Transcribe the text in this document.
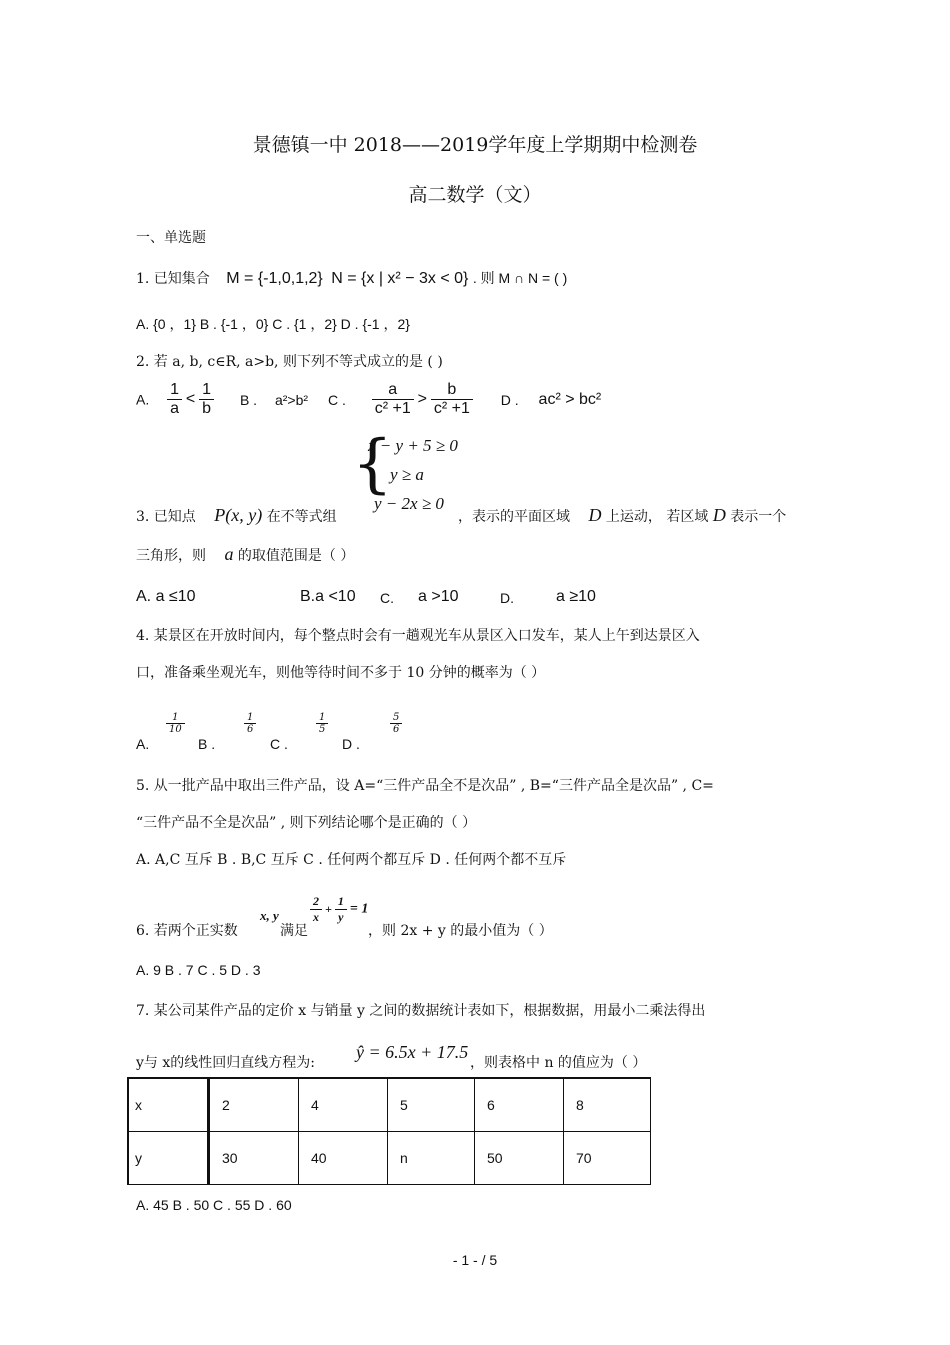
景德镇一中 2018——2019学年度上学期期中检测卷
高二数学（文）
一、单选题
1. 已知集合 M = {-1,0,1,2} N = {x | x² − 3x < 0} . 则 M ∩ N = ( )
A. {0 ，1} B . {-1 ，0} C . {1 ，2} D . {-1 ，2}
2. 若 a, b, c∈R, a>b, 则下列不等式成立的是 ( )
A. $\frac{1}{a} < \frac{1}{b}$ B . a²>b² C . $\frac{a}{\text{c² +1}} > \frac{b}{\text{c² +1}}$ D . ac² > bc²
{
x − y + 5 ≥ 0
y ≥ a
y − 2x ≥ 0
3. 已知点 P(x, y) 在不等式组	，表示的平面区域 D 上运动， 若区域 D 表示一个
三角形，则 a 的取值范围是（ ）
A. a ≤10	B.a <10 C. a >10	D.	a ≥10
4. 某景区在开放时间内，每个整点时会有一趟观光车从景区入口发车，某人上午到达景区入
口，准备乘坐观光车，则他等待时间不多于 10 分钟的概率为（ ）
A.
$\frac{1}{10}$
B .
$\frac{1}{6}$
C .
$\frac{1}{5}$
D .
$\frac{5}{6}$
5. 从一批产品中取出三件产品，设 A=“三件产品全不是次品” , B=“三件产品全是次品” , C=
“三件产品不全是次品” , 则下列结论哪个是正确的（ ）
A. A,C 互斥 B . B,C 互斥 C . 任何两个都互斥 D . 任何两个都不互斥
6. 若两个正实数
x, y
满足
$\frac{2}{x} + \frac{1}{y} = 1$
，则 2x + y 的最小值为（ ）
A. 9 B . 7 C . 5 D . 3
7. 某公司某件产品的定价 x 与销量 y 之间的数据统计表如下，根据数据，用最小二乘法得出
y与 x的线性回归直线方程为:
ŷ = 6.5x + 17.5
，则表格中 n 的值应为（ ）
x	2	4	5	6	8
y	30	40	n	50	70
A. 45 B . 50 C . 55 D . 60
- 1 - / 5
